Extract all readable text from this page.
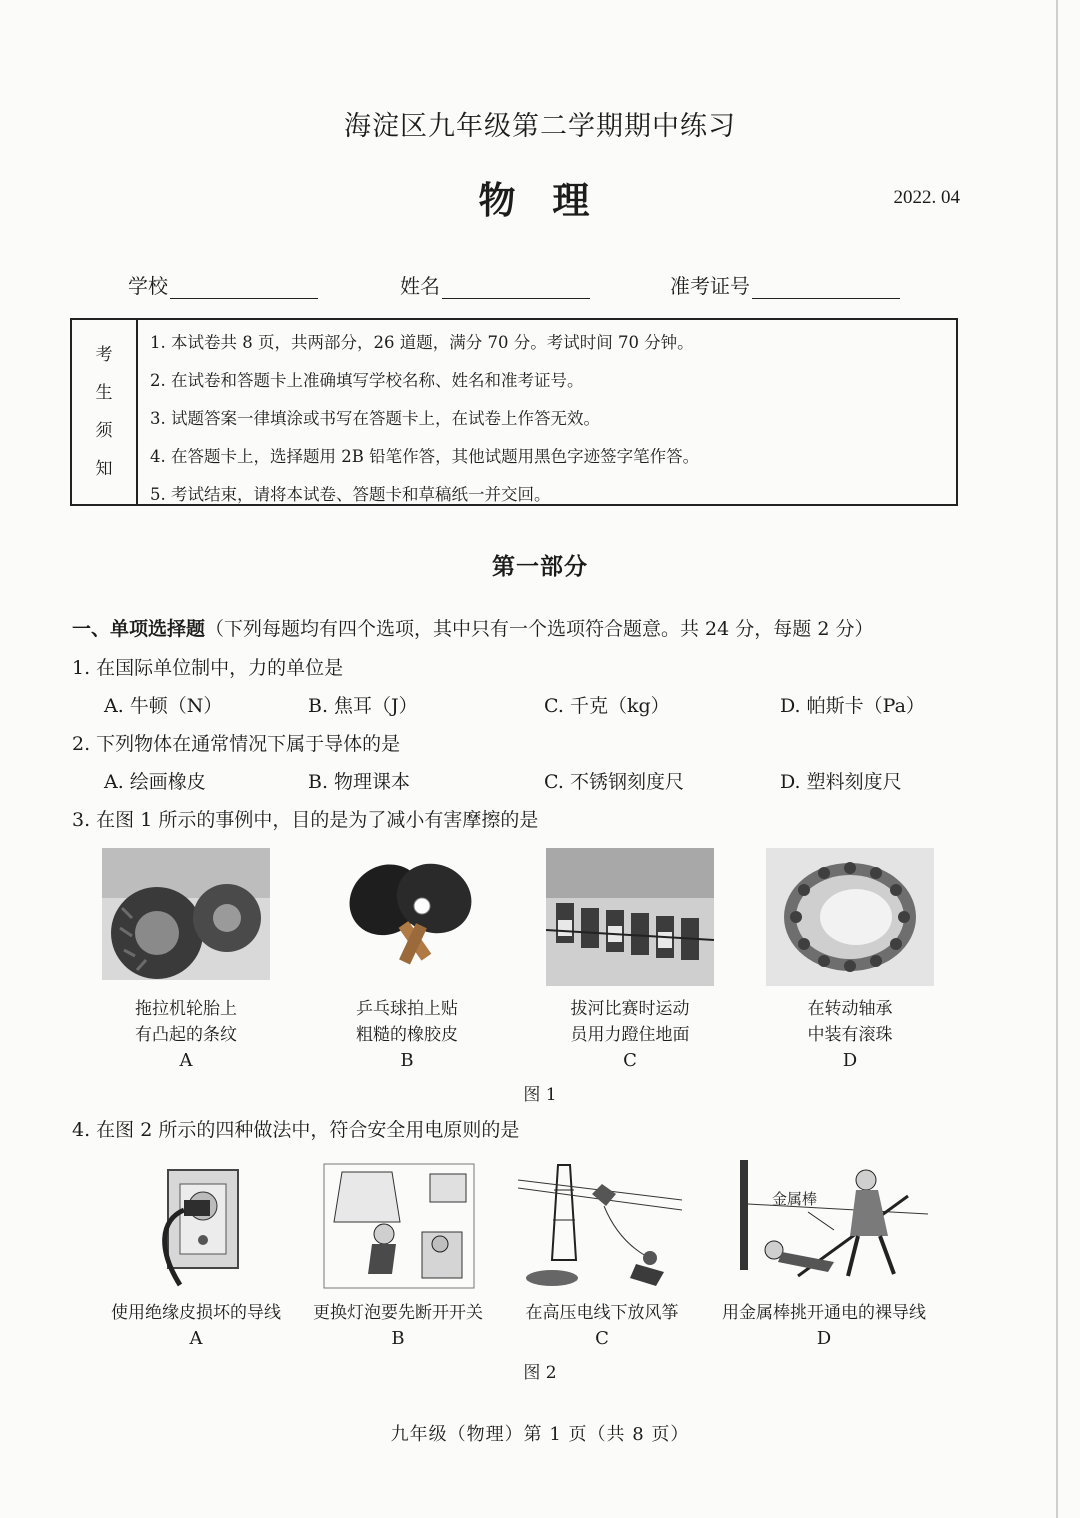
海淀区九年级第二学期期中练习
物 理	2022. 04
学校	姓名	准考证号
考
生
须
知
1. 本试卷共 8 页，共两部分，26 道题，满分 70 分。考试时间 70 分钟。
2. 在试卷和答题卡上准确填写学校名称、姓名和准考证号。
3. 试题答案一律填涂或书写在答题卡上，在试卷上作答无效。
4. 在答题卡上，选择题用 2B 铅笔作答，其他试题用黑色字迹签字笔作答。
5. 考试结束，请将本试卷、答题卡和草稿纸一并交回。
第一部分
一、单项选择题（下列每题均有四个选项，其中只有一个选项符合题意。共 24 分，每题 2 分）
1. 在国际单位制中，力的单位是
A. 牛顿（N）	B. 焦耳（J）	C. 千克（kg）	D. 帕斯卡（Pa）
2. 下列物体在通常情况下属于导体的是
A. 绘画橡皮	B. 物理课本	C. 不锈钢刻度尺	D. 塑料刻度尺
3. 在图 1 所示的事例中，目的是为了减小有害摩擦的是
拖拉机轮胎上
有凸起的条纹
A
乒乓球拍上贴
粗糙的橡胶皮
B
拔河比赛时运动
员用力蹬住地面
C
在转动轴承
中装有滚珠
D
图 1
4. 在图 2 所示的四种做法中，符合安全用电原则的是
金属棒
使用绝缘皮损坏的导线
A
更换灯泡要先断开开关
B
在高压电线下放风筝
C
用金属棒挑开通电的裸导线
D
图 2
九年级（物理）第 1 页（共 8 页）
